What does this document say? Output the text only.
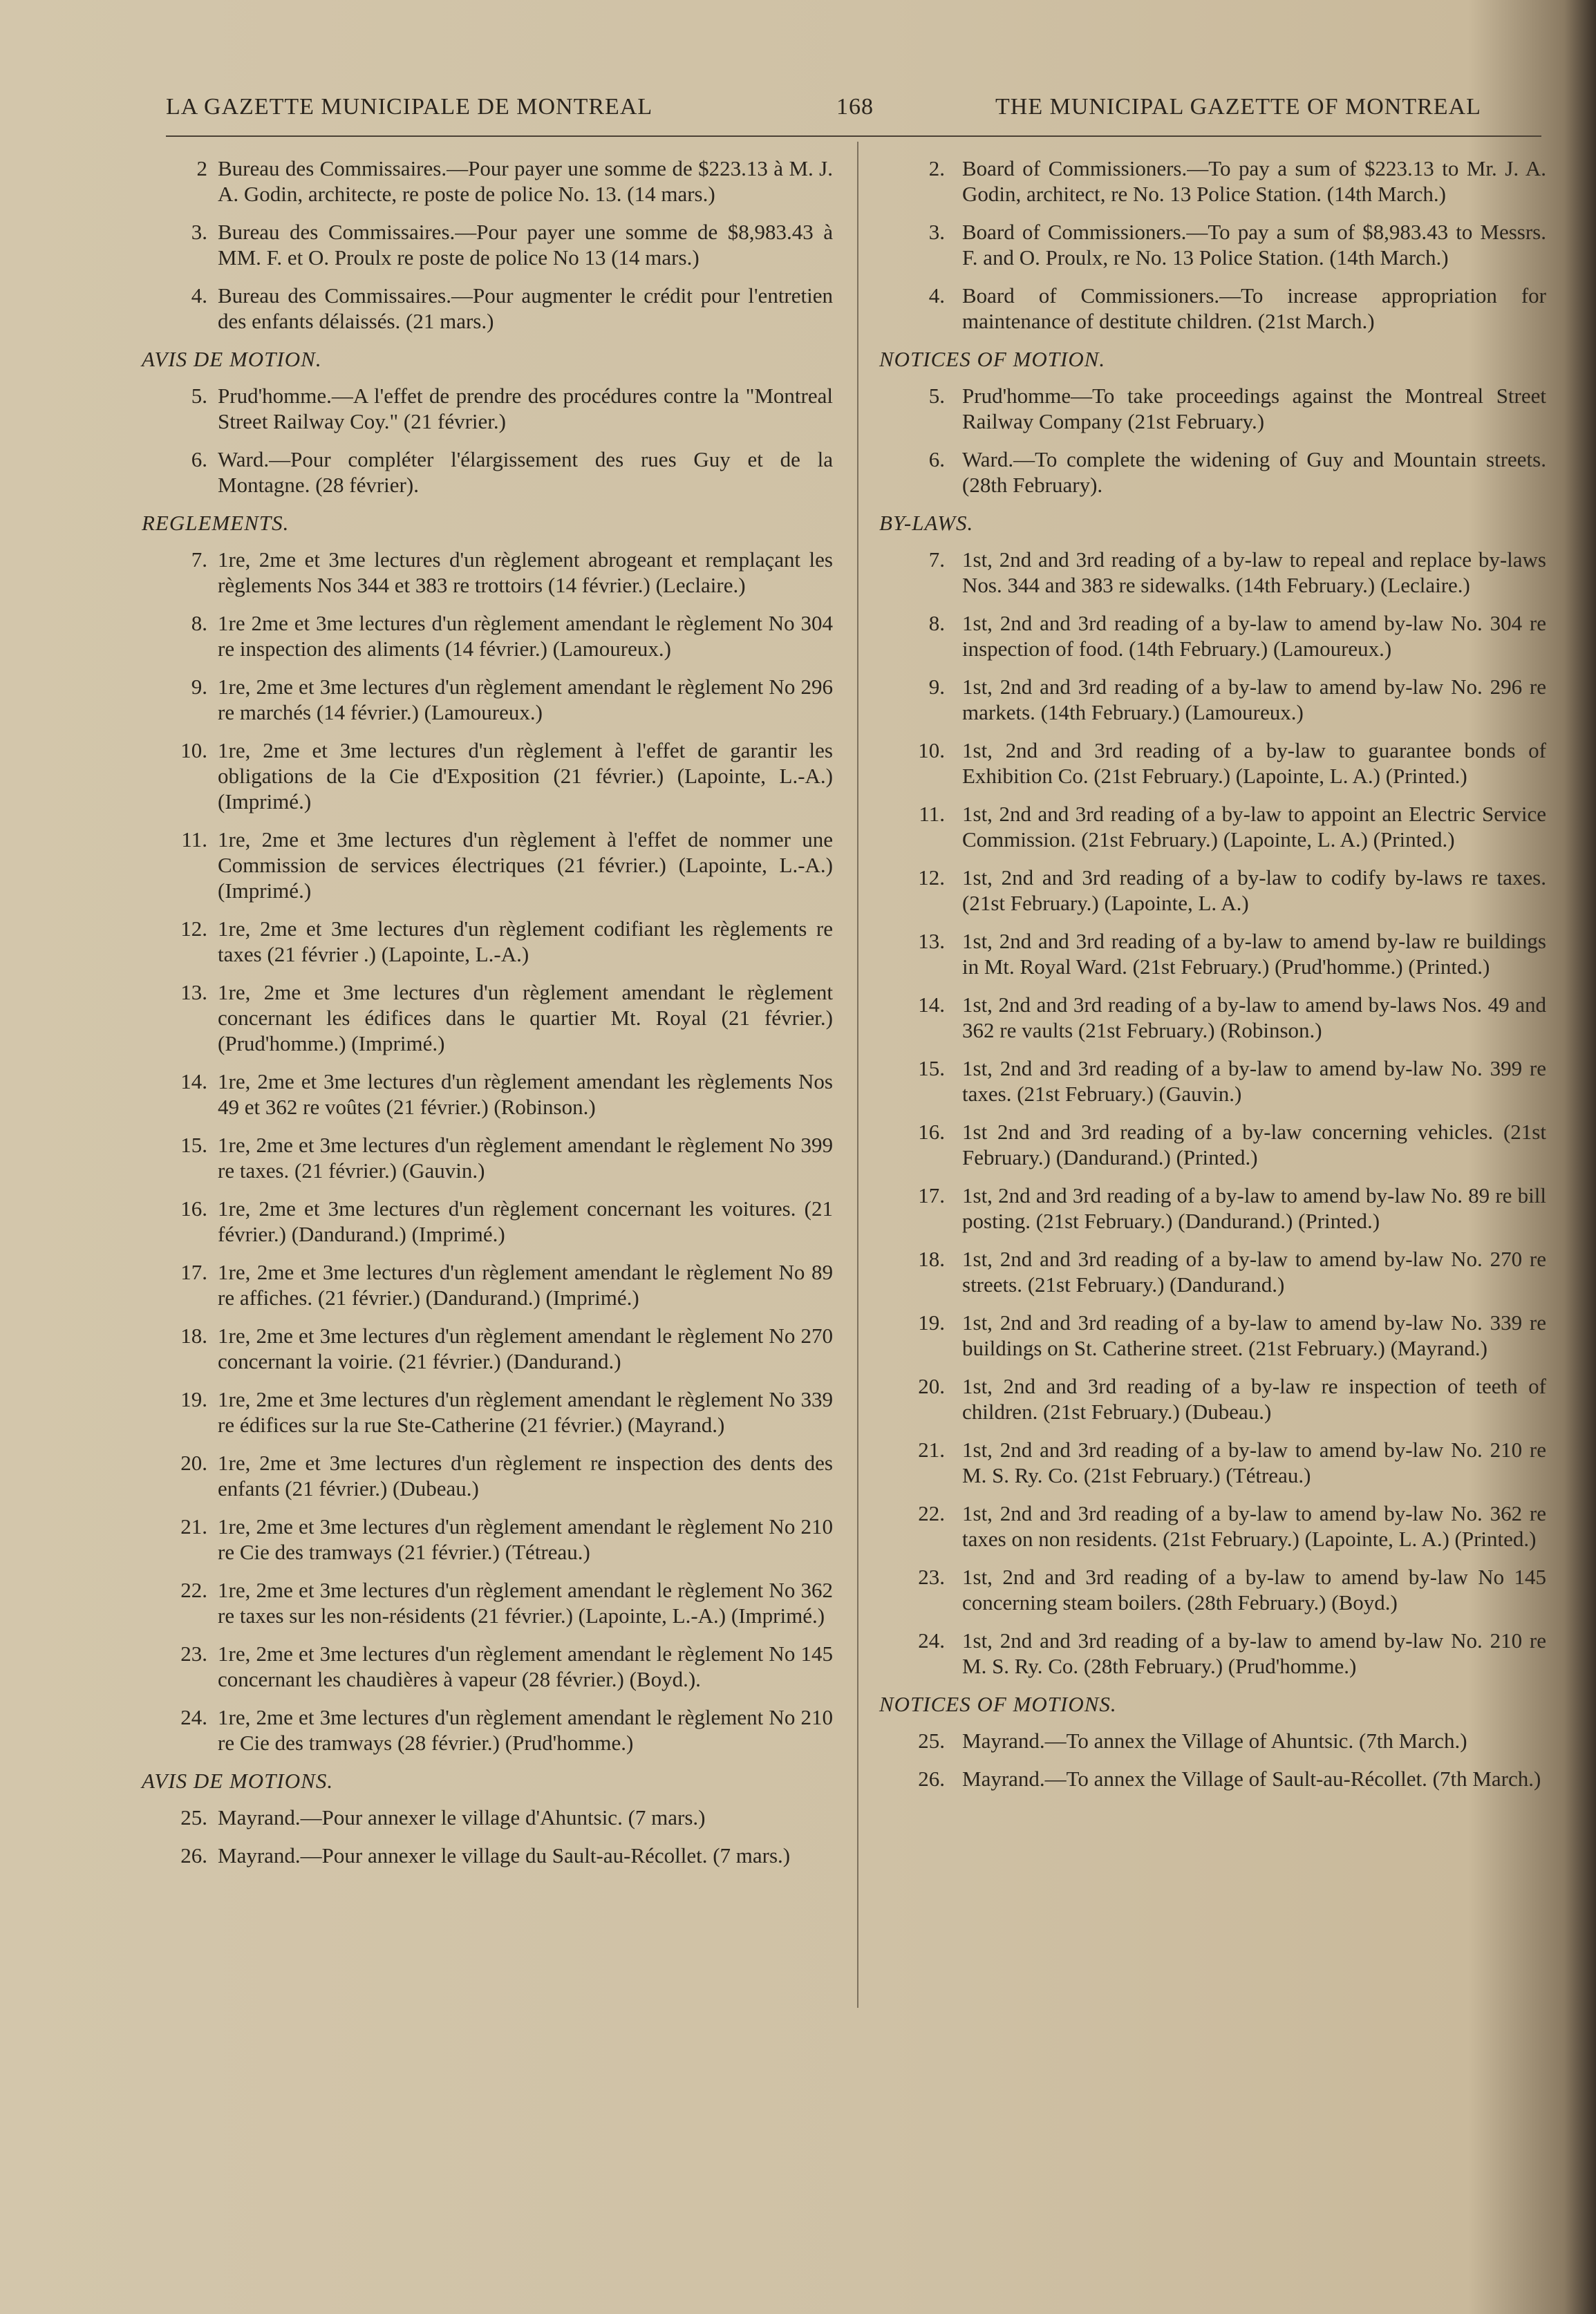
LA GAZETTE MUNICIPALE DE MONTREAL	168	THE MUNICIPAL GAZETTE OF MONTREAL
2 Bureau des Commissaires.—Pour payer une somme de $223.13 à M. J. A. Godin, architecte, re poste de police No. 13. (14 mars.)
3. Bureau des Commissaires.—Pour payer une somme de $8,983.43 à MM. F. et O. Proulx re poste de police No 13 (14 mars.)
4. Bureau des Commissaires.—Pour augmenter le crédit pour l'entretien des enfants délaissés. (21 mars.)
AVIS DE MOTION.
5. Prud'homme.—A l'effet de prendre des procédures contre la "Montreal Street Railway Coy." (21 février.)
6. Ward.—Pour compléter l'élargissement des rues Guy et de la Montagne. (28 février).
REGLEMENTS.
7. 1re, 2me et 3me lectures d'un règlement abrogeant et remplaçant les règlements Nos 344 et 383 re trottoirs (14 février.) (Leclaire.)
8. 1re 2me et 3me lectures d'un règlement amendant le règlement No 304 re inspection des aliments (14 février.) (Lamoureux.)
9. 1re, 2me et 3me lectures d'un règlement amendant le règlement No 296 re marchés (14 février.) (Lamoureux.)
10. 1re, 2me et 3me lectures d'un règlement à l'effet de garantir les obligations de la Cie d'Exposition (21 février.) (Lapointe, L.-A.) (Imprimé.)
11. 1re, 2me et 3me lectures d'un règlement à l'effet de nommer une Commission de services électriques (21 février.) (Lapointe, L.-A.) (Imprimé.)
12. 1re, 2me et 3me lectures d'un règlement codifiant les règlements re taxes (21 février .) (Lapointe, L.-A.)
13. 1re, 2me et 3me lectures d'un règlement amendant le règlement concernant les édifices dans le quartier Mt. Royal (21 février.) (Prud'homme.) (Imprimé.)
14. 1re, 2me et 3me lectures d'un règlement amendant les règlements Nos 49 et 362 re voûtes (21 février.) (Robinson.)
15. 1re, 2me et 3me lectures d'un règlement amendant le règlement No 399 re taxes. (21 février.) (Gauvin.)
16. 1re, 2me et 3me lectures d'un règlement concernant les voitures. (21 février.) (Dandurand.) (Imprimé.)
17. 1re, 2me et 3me lectures d'un règlement amendant le règlement No 89 re affiches. (21 février.) (Dandurand.) (Imprimé.)
18. 1re, 2me et 3me lectures d'un règlement amendant le règlement No 270 concernant la voirie. (21 février.) (Dandurand.)
19. 1re, 2me et 3me lectures d'un règlement amendant le règlement No 339 re édifices sur la rue Ste-Catherine (21 février.) (Mayrand.)
20. 1re, 2me et 3me lectures d'un règlement re inspection des dents des enfants (21 février.) (Dubeau.)
21. 1re, 2me et 3me lectures d'un règlement amendant le règlement No 210 re Cie des tramways (21 février.) (Tétreau.)
22. 1re, 2me et 3me lectures d'un règlement amendant le règlement No 362 re taxes sur les non-résidents (21 février.) (Lapointe, L.-A.) (Imprimé.)
23. 1re, 2me et 3me lectures d'un règlement amendant le règlement No 145 concernant les chaudières à vapeur (28 février.) (Boyd.).
24. 1re, 2me et 3me lectures d'un règlement amendant le règlement No 210 re Cie des tramways (28 février.) (Prud'homme.)
AVIS DE MOTIONS.
25. Mayrand.—Pour annexer le village d'Ahuntsic. (7 mars.)
26. Mayrand.—Pour annexer le village du Sault-au-Récollet. (7 mars.)
2. Board of Commissioners.—To pay a sum of $223.13 to Mr. J. A. Godin, architect, re No. 13 Police Station. (14th March.)
3. Board of Commissioners.—To pay a sum of $8,983.43 to Messrs. F. and O. Proulx, re No. 13 Police Station. (14th March.)
4. Board of Commissioners.—To increase appropriation for maintenance of destitute children. (21st March.)
NOTICES OF MOTION.
5. Prud'homme—To take proceedings against the Montreal Street Railway Company (21st February.)
6. Ward.—To complete the widening of Guy and Mountain streets. (28th February).
BY-LAWS.
7. 1st, 2nd and 3rd reading of a by-law to repeal and replace by-laws Nos. 344 and 383 re sidewalks. (14th February.) (Leclaire.)
8. 1st, 2nd and 3rd reading of a by-law to amend by-law No. 304 re inspection of food. (14th February.) (Lamoureux.)
9. 1st, 2nd and 3rd reading of a by-law to amend by-law No. 296 re markets. (14th February.) (Lamoureux.)
10. 1st, 2nd and 3rd reading of a by-law to guarantee bonds of Exhibition Co. (21st February.) (Lapointe, L. A.) (Printed.)
11. 1st, 2nd and 3rd reading of a by-law to appoint an Electric Service Commission. (21st February.) (Lapointe, L. A.) (Printed.)
12. 1st, 2nd and 3rd reading of a by-law to codify by-laws re taxes. (21st February.) (Lapointe, L. A.)
13. 1st, 2nd and 3rd reading of a by-law to amend by-law re buildings in Mt. Royal Ward. (21st February.) (Prud'homme.) (Printed.)
14. 1st, 2nd and 3rd reading of a by-law to amend by-laws Nos. 49 and 362 re vaults (21st February.) (Robinson.)
15. 1st, 2nd and 3rd reading of a by-law to amend by-law No. 399 re taxes. (21st February.) (Gauvin.)
16. 1st 2nd and 3rd reading of a by-law concerning vehicles. (21st February.) (Dandurand.) (Printed.)
17. 1st, 2nd and 3rd reading of a by-law to amend by-law No. 89 re bill posting. (21st February.) (Dandurand.) (Printed.)
18. 1st, 2nd and 3rd reading of a by-law to amend by-law No. 270 re streets. (21st February.) (Dandurand.)
19. 1st, 2nd and 3rd reading of a by-law to amend by-law No. 339 re buildings on St. Catherine street. (21st February.) (Mayrand.)
20. 1st, 2nd and 3rd reading of a by-law re inspection of teeth of children. (21st February.) (Dubeau.)
21. 1st, 2nd and 3rd reading of a by-law to amend by-law No. 210 re M. S. Ry. Co. (21st February.) (Tétreau.)
22. 1st, 2nd and 3rd reading of a by-law to amend by-law No. 362 re taxes on non residents. (21st February.) (Lapointe, L. A.) (Printed.)
23. 1st, 2nd and 3rd reading of a by-law to amend by-law No 145 concerning steam boilers. (28th February.) (Boyd.)
24. 1st, 2nd and 3rd reading of a by-law to amend by-law No. 210 re M. S. Ry. Co. (28th February.) (Prud'homme.)
NOTICES OF MOTIONS.
25. Mayrand.—To annex the Village of Ahuntsic. (7th March.)
26. Mayrand.—To annex the Village of Sault-au-Récollet. (7th March.)
